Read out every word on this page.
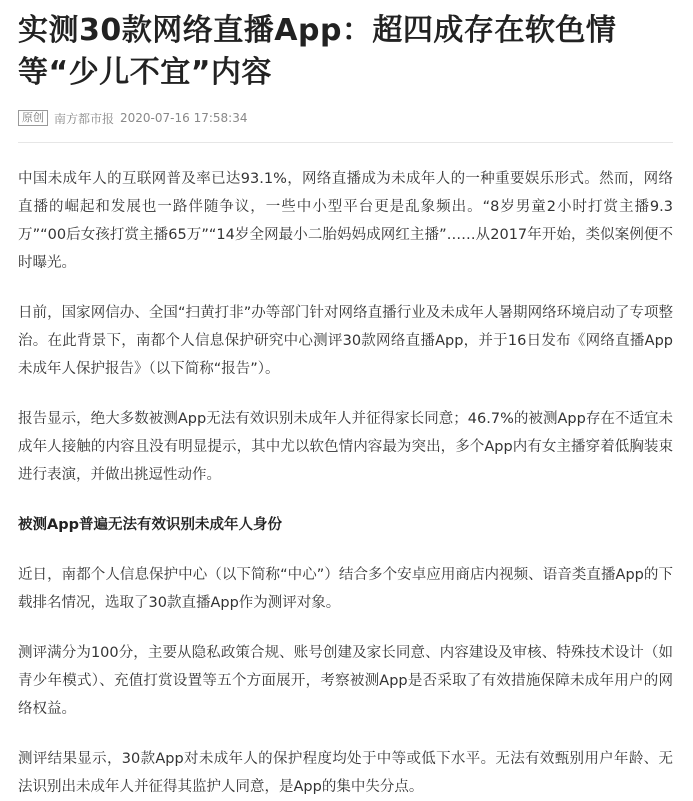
实测30款网络直播App：超四成存在软色情等“少儿不宜”内容
原创 南方都市报 2020-07-16 17:58:34

中国未成年人的互联网普及率已达93.1%，网络直播成为未成年人的一种重要娱乐形式。然而，网络直播的崛起和发展也一路伴随争议，一些中小型平台更是乱象频出。“8岁男童2小时打赏主播9.3万”“00后女孩打赏主播65万”“14岁全网最小二胎妈妈成网红主播”……从2017年开始，类似案例便不时曝光。

日前，国家网信办、全国“扫黄打非”办等部门针对网络直播行业及未成年人暑期网络环境启动了专项整治。在此背景下，南都个人信息保护研究中心测评30款网络直播App，并于16日发布《网络直播App未成年人保护报告》（以下简称“报告”）。

报告显示，绝大多数被测App无法有效识别未成年人并征得家长同意；46.7%的被测App存在不适宜未成年人接触的内容且没有明显提示，其中尤以软色情内容最为突出，多个App内有女主播穿着低胸装束进行表演，并做出挑逗性动作。

被测App普遍无法有效识别未成年人身份

近日，南都个人信息保护中心（以下简称“中心”）结合多个安卓应用商店内视频、语音类直播App的下载排名情况，选取了30款直播App作为测评对象。

测评满分为100分，主要从隐私政策合规、账号创建及家长同意、内容建设及审核、特殊技术设计（如青少年模式）、充值打赏设置等五个方面展开，考察被测App是否采取了有效措施保障未成年用户的网络权益。

测评结果显示，30款App对未成年人的保护程度均处于中等或低下水平。无法有效甄别用户年龄、无法识别出未成年人并征得其监护人同意，是App的集中失分点。
